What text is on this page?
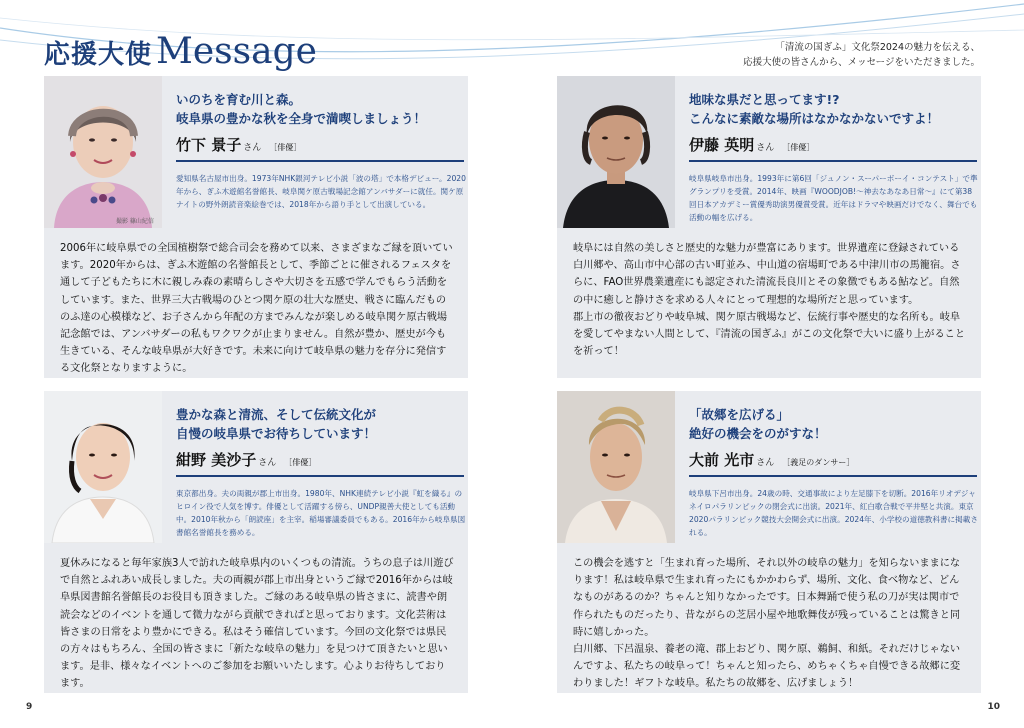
応援大使 Message	「清流の国ぎふ」文化祭2024の魅力を伝える、
応援大使の皆さんから、メッセージをいただきました。
撮影 篠山紀信
いのちを育む川と森。
岐阜県の豊かな秋を全身で満喫しましょう！
竹下 景子 さん ［俳優］
愛知県名古屋市出身。1973年NHK銀河テレビ小説「波の塔」で本格デビュー。2020年から、ぎふ木遊館名誉館長、岐阜関ケ原古戦場記念館アンバサダーに就任。関ケ原ナイトの野外朗読音楽絵巻では、2018年から語り手として出演している。
2006年に岐阜県での全国植樹祭で総合司会を務めて以来、さまざまなご縁を頂いています。2020年からは、ぎふ木遊館の名誉館長として、季節ごとに催されるフェスタを通して子どもたちに木に親しみ森の素晴らしさや大切さを五感で学んでもらう活動をしています。また、世界三大古戦場のひとつ関ケ原の壮大な歴史、戦さに臨んだもののふ達の心模様など、お子さんから年配の方までみんなが楽しめる岐阜関ケ原古戦場記念館では、アンバサダーの私もワクワクが止まりません。自然が豊か、歴史が今も生きている、そんな岐阜県が大好きです。未来に向けて岐阜県の魅力を存分に発信する文化祭となりますように。
地味な県だと思ってます!?
こんなに素敵な場所はなかなかないですよ！
伊藤 英明 さん ［俳優］
岐阜県岐阜市出身。1993年に第6回「ジュノン・スーパーボーイ・コンテスト」で準グランプリを受賞。2014年、映画『WOODJOB!〜神去なあなあ日常〜』にて第38回日本アカデミー賞優秀助演男優賞受賞。近年はドラマや映画だけでなく、舞台でも活動の幅を広げる。
岐阜には自然の美しさと歴史的な魅力が豊富にあります。世界遺産に登録されている白川郷や、高山市中心部の古い町並み、中山道の宿場町である中津川市の馬籠宿。さらに、FAO世界農業遺産にも認定された清流長良川とその象徴でもある鮎など。自然の中に癒しと静けさを求める人々にとって理想的な場所だと思っています。
郡上市の徹夜おどりや岐阜城、関ケ原古戦場など、伝統行事や歴史的な名所も。岐阜を愛してやまない人間として、『清流の国ぎふ』がこの文化祭で大いに盛り上がることを祈って！
豊かな森と清流、そして伝統文化が
自慢の岐阜県でお待ちしています！
紺野 美沙子 さん ［俳優］
東京都出身。夫の両親が郡上市出身。1980年、NHK連続テレビ小説『虹を織る』のヒロイン役で人気を博す。俳優として活躍する傍ら、UNDP親善大使としても活動中。2010年秋から「朗読座」を主宰。稲場審議委員でもある。2016年から岐阜県図書館名誉館長を務める。
夏休みになると毎年家族3人で訪れた岐阜県内のいくつもの清流。うちの息子は川遊びで自然とふれあい成長しました。夫の両親が郡上市出身というご縁で2016年からは岐阜県図書館名誉館長のお役目も頂きました。ご縁のある岐阜県の皆さまに、読書や朗読会などのイベントを通して微力ながら貢献できればと思っております。文化芸術は皆さまの日常をより豊かにできる。私はそう確信しています。今回の文化祭では県民の方々はもちろん、全国の皆さまに「新たな岐阜の魅力」を見つけて頂きたいと思います。是非、様々なイベントへのご参加をお願いいたします。心よりお待ちしております。
「故郷を広げる」
絶好の機会をのがすな！
大前 光市 さん ［義足のダンサー］
岐阜県下呂市出身。24歳の時、交通事故により左足膝下を切断。2016年リオデジャネイロパラリンピックの閉会式に出演。2021年、紅白歌合戦で平井堅と共演。東京2020パラリンピック競技大会開会式に出演。2024年、小学校の道徳教科書に掲載される。
この機会を逃すと「生まれ育った場所、それ以外の岐阜の魅力」を知らないままになります！私は岐阜県で生まれ育ったにもかかわらず、場所、文化、食べ物など、どんなものがあるのか？ちゃんと知りなかったです。日本舞踊で使う私の刀が実は関市で作られたものだったり、昔ながらの芝居小屋や地歌舞伎が残っていることは驚きと同時に嬉しかった。
白川郷、下呂温泉、養老の滝、郡上おどり、関ケ原、鵜飼、和紙。それだけじゃないんですよ、私たちの岐阜って！ちゃんと知ったら、めちゃくちゃ自慢できる故郷に変わりました！ギフトな岐阜。私たちの故郷を、広げましょう！
9	10
